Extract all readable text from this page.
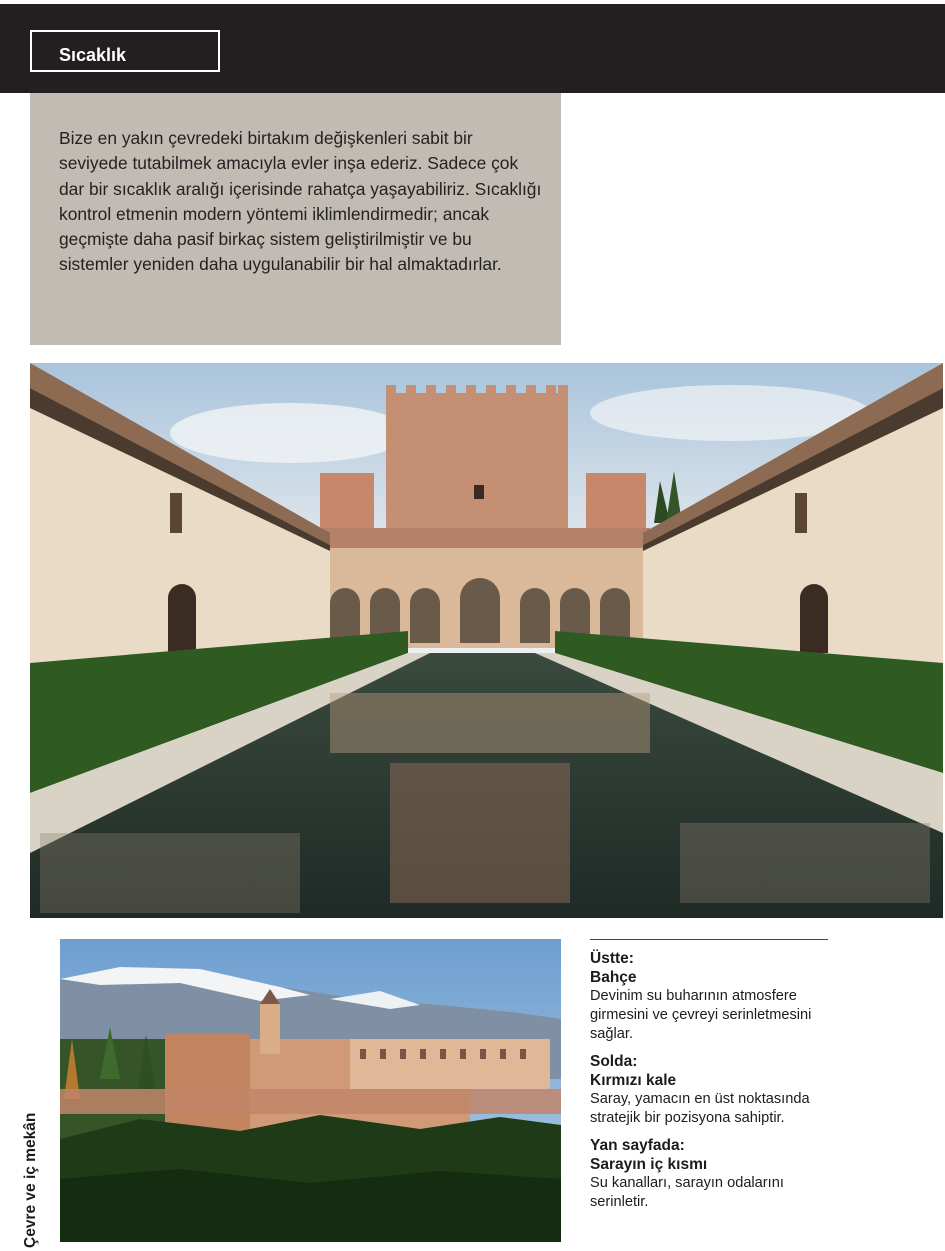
Sıcaklık

Bize en yakın çevredeki birtakım değişkenleri sabit bir seviyede tutabilmek amacıyla evler inşa ederiz. Sadece çok dar bir sıcaklık aralığı içerisinde rahatça yaşayabiliriz. Sıcaklığı kontrol etmenin modern yöntemi iklimlendirmedir; ancak geçmişte daha pasif birkaç sistem geliştirilmiştir ve bu sistemler yeniden daha uygulanabilir bir hal almaktadırlar.

Çevre ve iç mekân
Üstte:
Bahçe
Devinim su buharının atmosfere girmesini ve çevreyi serinletmesini sağlar.
Solda:
Kırmızı kale
Saray, yamacın en üst noktasında stratejik bir pozisyona sahiptir.
Yan sayfada:
Sarayın iç kısmı
Su kanalları, sarayın odalarını serinletir.
